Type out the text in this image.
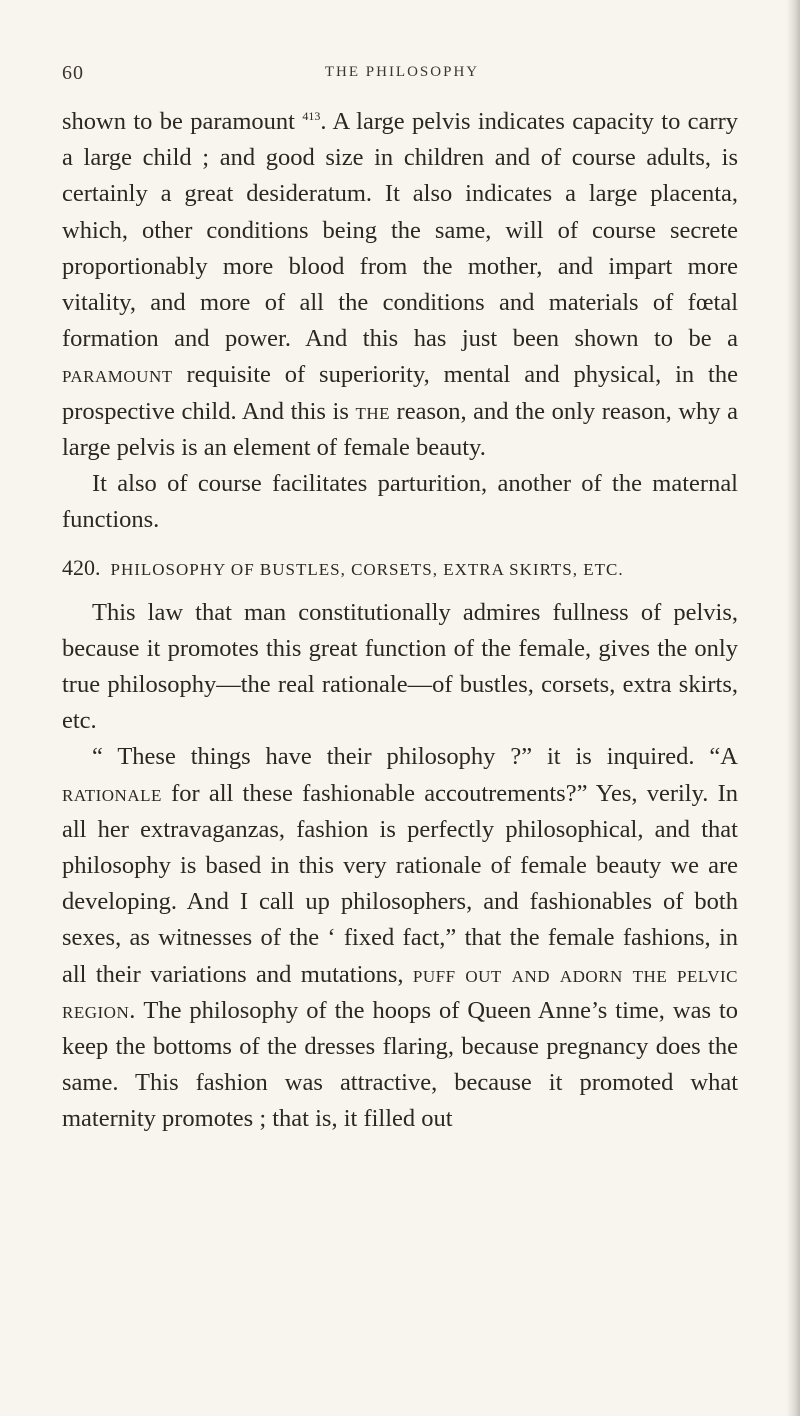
60	THE PHILOSOPHY

shown to be paramount $^{413}$. A large pelvis indicates capacity to carry a large child ; and good size in children and of course adults, is certainly a great desideratum. It also indicates a large placenta, which, other conditions being the same, will of course secrete proportionably more blood from the mother, and impart more vitality, and more of all the conditions and materials of fœtal formation and power. And this has just been shown to be a paramount requisite of superiority, mental and physical, in the prospective child. And this is the reason, and the only reason, why a large pelvis is an element of female beauty.

It also of course facilitates parturition, another of the maternal functions.

420. PHILOSOPHY OF BUSTLES, CORSETS, EXTRA SKIRTS, ETC.

This law that man constitutionally admires fullness of pelvis, because it promotes this great function of the female, gives the only true philosophy—the real rationale—of bustles, corsets, extra skirts, etc.

“ These things have their philosophy ?” it is inquired. “A rationale for all these fashionable accoutrements?” Yes, verily. In all her extravaganzas, fashion is perfectly philosophical, and that philosophy is based in this very rationale of female beauty we are developing. And I call up philosophers, and fashionables of both sexes, as witnesses of the ‘ fixed fact,” that the female fashions, in all their variations and mutations, puff out and adorn the pelvic region. The philosophy of the hoops of Queen Anne’s time, was to keep the bottoms of the dresses flaring, because pregnancy does the same. This fashion was attractive, because it promoted what maternity promotes ; that is, it filled out
